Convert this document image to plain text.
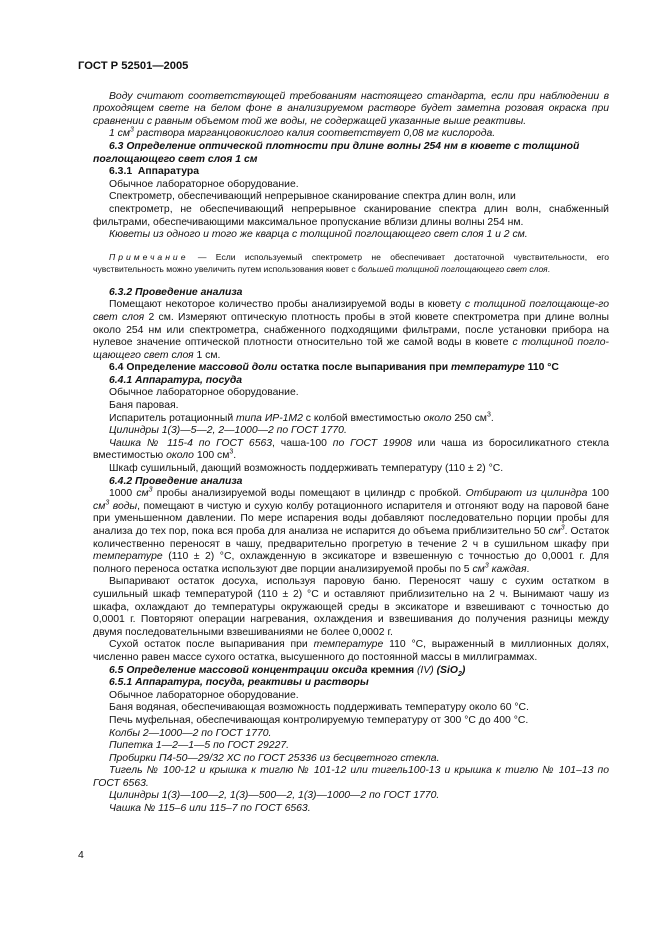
ГОСТ Р 52501—2005

Воду считают соответствующей требованиям настоящего стандарта, если при наблюдении в проходящем свете на белом фоне в анализируемом растворе будет заметна розовая окраска при сравнении с равным объемом той же воды, не содержащей указанные выше реактивы.

1 $см^3$ раствора марганцовокислого калия соответствует 0,08 мг кислорода.

6.3 Определение оптической плотности при длине волны 254 нм в кювете с толщиной поглощающего свет слоя 1 см

6.3.1 Аппаратура

Обычное лабораторное оборудование.

Спектрометр, обеспечивающий непрерывное сканирование спектра длин волн, или

спектрометр, не обеспечивающий непрерывное сканирование спектра длин волн, снабженный фильтрами, обеспечивающими максимальное пропускание вблизи длины волны 254 нм.

Кюветы из одного и того же кварца с толщиной поглощающего свет слоя 1 и 2 см.

Примечание — Если используемый спектрометр не обеспечивает достаточной чувствительности, его чувствительность можно увеличить путем использования кювет с большей толщиной поглощающего свет слоя.

6.3.2 Проведение анализа

Помещают некоторое количество пробы анализируемой воды в кювету с толщиной поглощающе-го свет слоя 2 см. Измеряют оптическую плотность пробы в этой кювете спектрометра при длине волны около 254 нм или спектрометра, снабженного подходящими фильтрами, после установки прибора на нулевое значение оптической плотности относительно той же самой воды в кювете с толщиной погло-щающего свет слоя 1 см.

6.4 Определение массовой доли остатка после выпаривания при температуре 110 °С

6.4.1 Аппаратура, посуда

Обычное лабораторное оборудование.

Баня паровая.

Испаритель ротационный типа ИР-1М2 с колбой вместимостью около 250 $см^3$.

Цилиндры 1(3)—5—2, 2—1000—2 по ГОСТ 1770.

Чашка № 115-4 по ГОСТ 6563, чаша-100 по ГОСТ 19908 или чаша из боросиликатного стекла вместимостью около 100 $см^3$.

Шкаф сушильный, дающий возможность поддерживать температуру (110 ± 2) °С.

6.4.2 Проведение анализа

1000 $см^3$ пробы анализируемой воды помещают в цилиндр с пробкой. Отбирают из цилиндра 100 $см^3$ воды, помещают в чистую и сухую колбу ротационного испарителя и отгоняют воду на паровой бане при уменьшенном давлении. По мере испарения воды добавляют последовательно порции пробы для анализа до тех пор, пока вся проба для анализа не испарится до объема приблизительно 50 $см^3$. Остаток количественно переносят в чашу, предварительно прогретую в течение 2 ч в сушильном шкафу при температуре (110 ± 2) °С, охлажденную в эксикаторе и взвешенную с точностью до 0,0001 г. Для полного переноса остатка используют две порции анализируемой пробы по 5 $см^3$ каждая.

Выпаривают остаток досуха, используя паровую баню. Переносят чашу с сухим остатком в сушильный шкаф температурой (110 ± 2) °С и оставляют приблизительно на 2 ч. Вынимают чашу из шкафа, охлаждают до температуры окружающей среды в эксикаторе и взвешивают с точностью до 0,0001 г. Повторяют операции нагревания, охлаждения и взвешивания до получения разницы между двумя последовательными взвешиваниями не более 0,0002 г.

Сухой остаток после выпаривания при температуре 110 °С, выраженный в миллионных долях, численно равен массе сухого остатка, высушенного до постоянной массы в миллиграммах.

6.5 Определение массовой концентрации оксида кремния (IV) (SiO$_2$)

6.5.1 Аппаратура, посуда, реактивы и растворы

Обычное лабораторное оборудование.

Баня водяная, обеспечивающая возможность поддерживать температуру около 60 °С.

Печь муфельная, обеспечивающая контролируемую температуру от 300 °С до 400 °С.

Колбы 2—1000—2 по ГОСТ 1770.

Пипетка 1—2—1—5 по ГОСТ 29227.

Пробирки П4-50—29/32 ХС по ГОСТ 25336 из бесцветного стекла.

Тигель № 100-12 и крышка к тиглю № 101-12 или тигель100-13 и крышка к тиглю № 101–13 по ГОСТ 6563.

Цилиндры 1(3)—100—2, 1(3)—500—2, 1(3)—1000—2 по ГОСТ 1770.

Чашка № 115–6 или 115–7 по ГОСТ 6563.

4
